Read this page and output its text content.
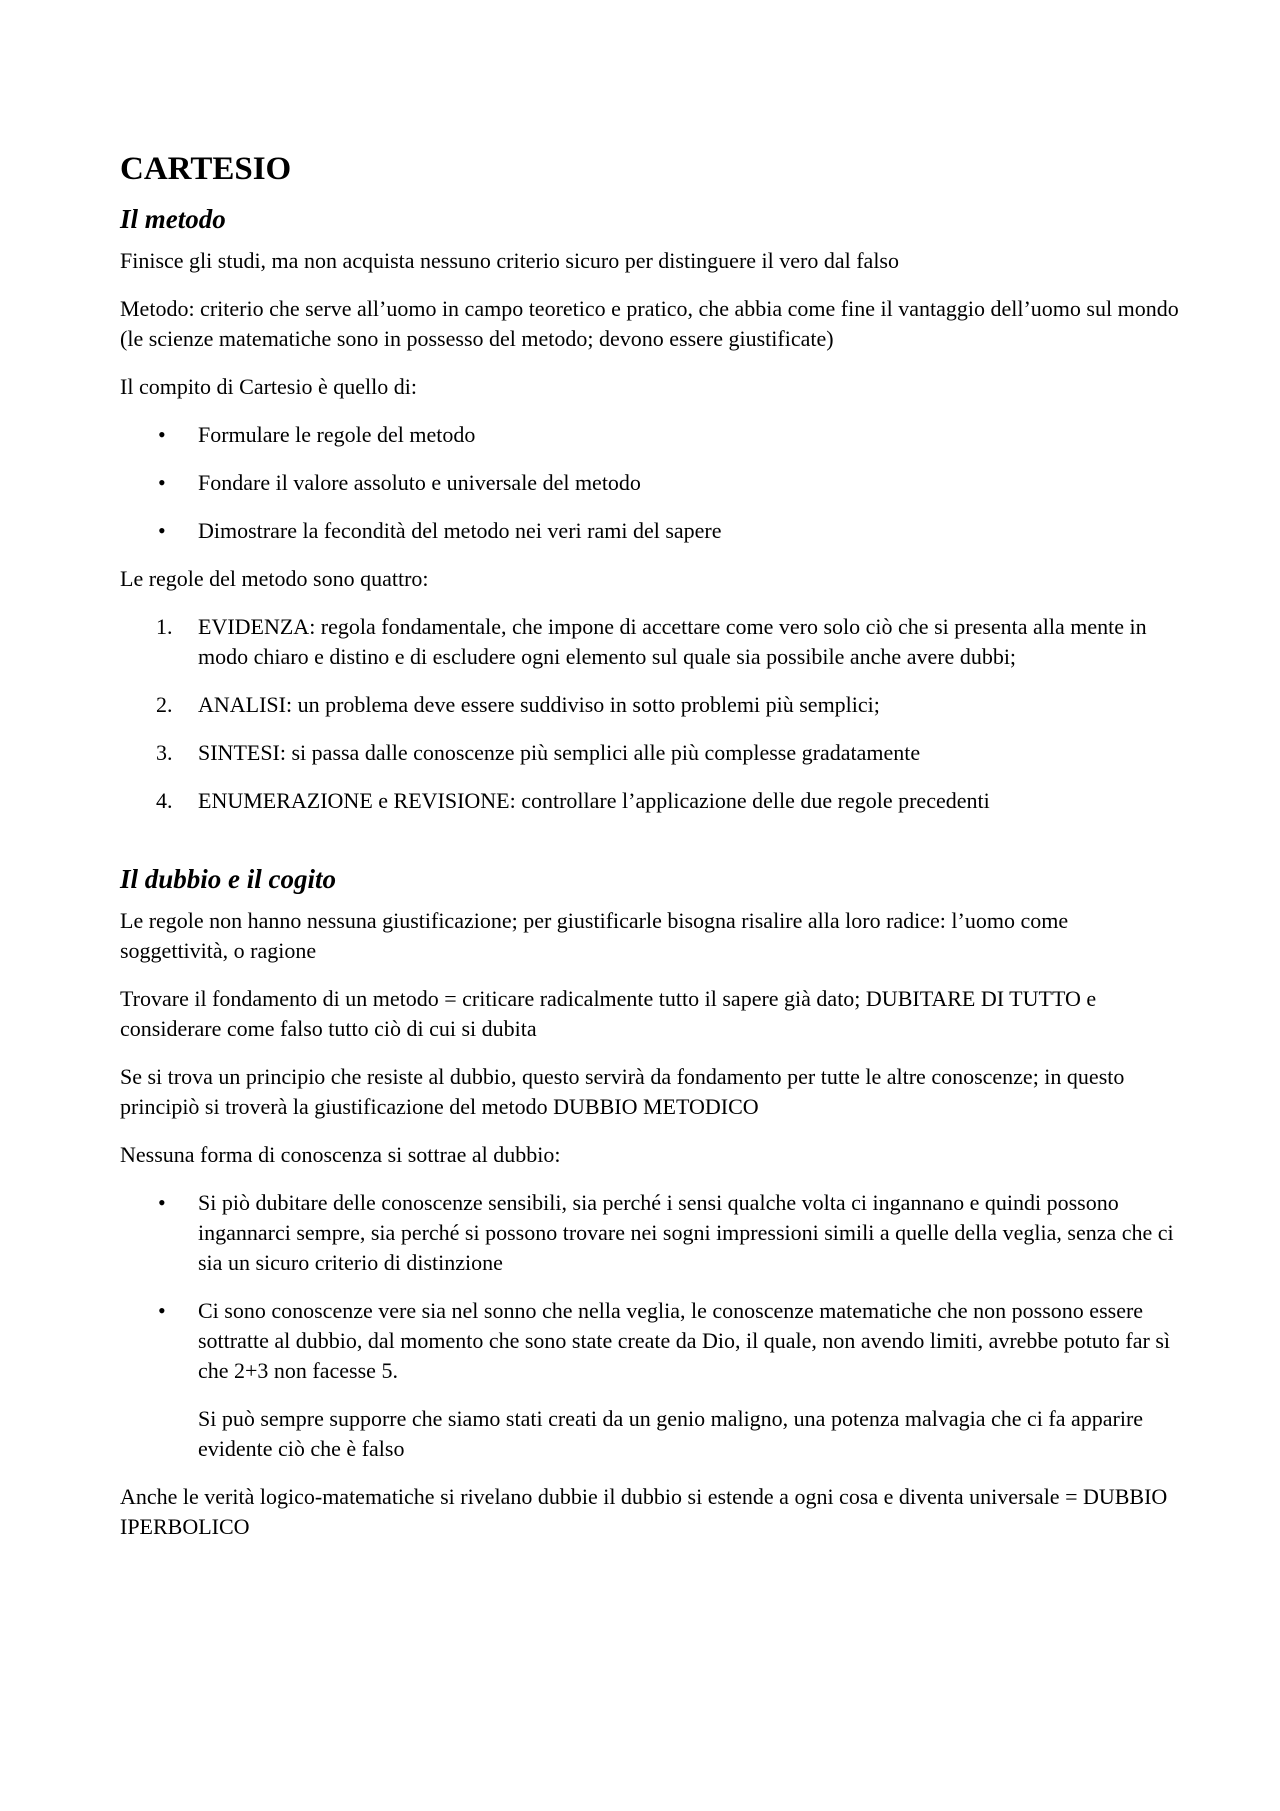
CARTESIO
Il metodo

Finisce gli studi, ma non acquista nessuno criterio sicuro per distinguere il vero dal falso

Metodo: criterio che serve all’uomo in campo teoretico e pratico, che abbia come fine il vantaggio dell’uomo sul mondo (le scienze matematiche sono in possesso del metodo; devono essere giustificate)

Il compito di Cartesio è quello di:

•	Formulare le regole del metodo
•	Fondare il valore assoluto e universale del metodo
•	Dimostrare la fecondità del metodo nei veri rami del sapere

Le regole del metodo sono quattro:

1.	EVIDENZA: regola fondamentale, che impone di accettare come vero solo ciò che si presenta alla mente in modo chiaro e distino e di escludere ogni elemento sul quale sia possibile anche avere dubbi;
2.	ANALISI: un problema deve essere suddiviso in sotto problemi più semplici;
3.	SINTESI: si passa dalle conoscenze più semplici alle più complesse gradatamente
4.	ENUMERAZIONE e REVISIONE: controllare l’applicazione delle due regole precedenti
Il dubbio e il cogito

Le regole non hanno nessuna giustificazione; per giustificarle bisogna risalire alla loro radice: l’uomo come soggettività, o ragione

Trovare il fondamento di un metodo = criticare radicalmente tutto il sapere già dato; DUBITARE DI TUTTO e considerare come falso tutto ciò di cui si dubita

Se si trova un principio che resiste al dubbio, questo servirà da fondamento per tutte le altre conoscenze; in questo principiò si troverà la giustificazione del metodo DUBBIO METODICO

Nessuna forma di conoscenza si sottrae al dubbio:

•	Si piò dubitare delle conoscenze sensibili, sia perché i sensi qualche volta ci ingannano e quindi possono ingannarci sempre, sia perché si possono trovare nei sogni impressioni simili a quelle della veglia, senza che ci sia un sicuro criterio di distinzione
•	Ci sono conoscenze vere sia nel sonno che nella veglia, le conoscenze matematiche che non possono essere sottratte al dubbio, dal momento che sono state create da Dio, il quale, non avendo limiti, avrebbe potuto far sì che 2+3 non facesse 5.
Si può sempre supporre che siamo stati creati da un genio maligno, una potenza malvagia che ci fa apparire evidente ciò che è falso

Anche le verità logico-matematiche si rivelano dubbie il dubbio si estende a ogni cosa e diventa universale = DUBBIO IPERBOLICO
